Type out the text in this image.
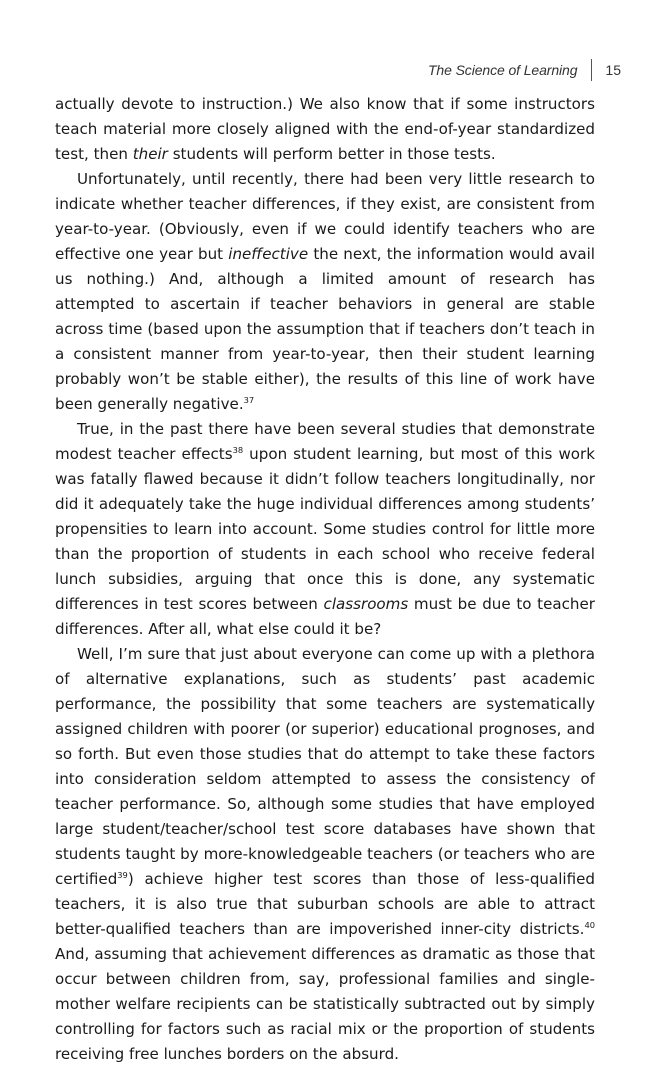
The Science of Learning 15

actually devote to instruction.) We also know that if some instructors teach material more closely aligned with the end-of-year standardized test, then their students will perform better in those tests.

Unfortunately, until recently, there had been very little research to indicate whether teacher differences, if they exist, are consistent from year-to-year. (Obviously, even if we could identify teachers who are effective one year but ineffective the next, the information would avail us nothing.) And, although a limited amount of research has attempted to ascertain if teacher behaviors in general are stable across time (based upon the assumption that if teachers don’t teach in a consistent manner from year-to-year, then their student learning probably won’t be stable either), the results of this line of work have been generally negative.$^{37}$

True, in the past there have been several studies that demonstrate modest teacher effects$^{38}$ upon student learning, but most of this work was fatally flawed because it didn’t follow teachers longitudinally, nor did it adequately take the huge individual differences among students’ propensities to learn into account. Some studies control for little more than the proportion of students in each school who receive federal lunch subsidies, arguing that once this is done, any systematic differences in test scores between classrooms must be due to teacher differences. After all, what else could it be?

Well, I’m sure that just about everyone can come up with a plethora of alternative explanations, such as students’ past academic performance, the possibility that some teachers are systematically assigned children with poorer (or superior) educational prognoses, and so forth. But even those studies that do attempt to take these factors into consideration seldom attempted to assess the consistency of teacher performance. So, although some studies that have employed large student/teacher/school test score databases have shown that students taught by more-knowledgeable teachers (or teachers who are certified$^{39}$) achieve higher test scores than those of less-qualified teachers, it is also true that suburban schools are able to attract better-qualified teachers than are impoverished inner-city districts.$^{40}$ And, assuming that achievement differences as dramatic as those that occur between children from, say, professional families and single-mother welfare recipients can be statistically subtracted out by simply controlling for factors such as racial mix or the proportion of students receiving free lunches borders on the absurd.
